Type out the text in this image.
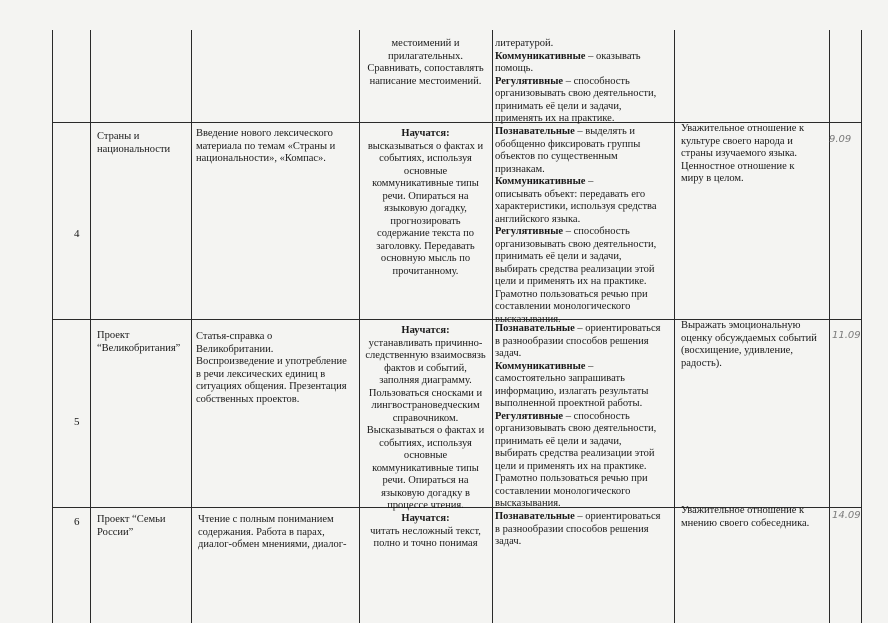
местоимений и

прилагательных.

Сравнивать, сопоставлять

написание местоимений.

литературой.

Коммуникативные – оказывать

помощь.

Регулятивные – способность

организовывать свою деятельности,

принимать её цели и задачи,

применять их на практике.

4

Страны и

национальности

Введение нового лексического

материала по темам «Страны и

национальности», «Компас».

Научатся:

высказываться о фактах и

событиях, используя

основные

коммуникативные типы

речи. Опираться на

языковую догадку,

прогнозировать

содержание текста по

заголовку. Передавать

основную мысль по

прочитанному.

Познавательные – выделять и

обобщенно фиксировать группы

объектов по существенным

признакам.

Коммуникативные –

описывать объект: передавать его

характеристики, используя средства

английского языка.

Регулятивные – способность

организовывать свою деятельности,

принимать её цели и задачи,

выбирать средства реализации этой

цели и применять их на практике.

Грамотно пользоваться речью при

составлении монологического

высказывания.

Уважительное отношение к

культуре своего народа и

страны изучаемого языка.

Ценностное отношение к

миру в целом.

9.09
5

Проект

“Великобритания”

Статья-справка о

Великобритании.

Воспроизведение и употребление

в речи лексических единиц в

ситуациях общения. Презентация

собственных проектов.

Научатся:

устанавливать причинно-

следственную взаимосвязь

фактов и событий,

заполняя диаграмму.

Пользоваться сносками и

лингвострановедческим

справочником.

Высказываться о фактах и

событиях, используя

основные

коммуникативные типы

речи. Опираться на

языковую догадку в

процессе чтения.

Познавательные – ориентироваться

в разнообразии способов решения

задач.

Коммуникативные –

самостоятельно запрашивать

информацию, излагать результаты

выполненной проектной работы.

Регулятивные – способность

организовывать свою деятельности,

принимать её цели и задачи,

выбирать средства реализации этой

цели и применять их на практике.

Грамотно пользоваться речью при

составлении монологического

высказывания.

Выражать эмоциональную

оценку обсуждаемых событий

(восхищение, удивление,

радость).

11.09
6 Проект “Семьи

России”

Чтение с полным пониманием

содержания. Работа в парах,

диалог-обмен мнениями, диалог-

Научатся:

читать несложный текст,

полно и точно понимая

Познавательные – ориентироваться

в разнообразии способов решения

задач.

Уважительное отношение к

мнению своего собеседника.

14.09
